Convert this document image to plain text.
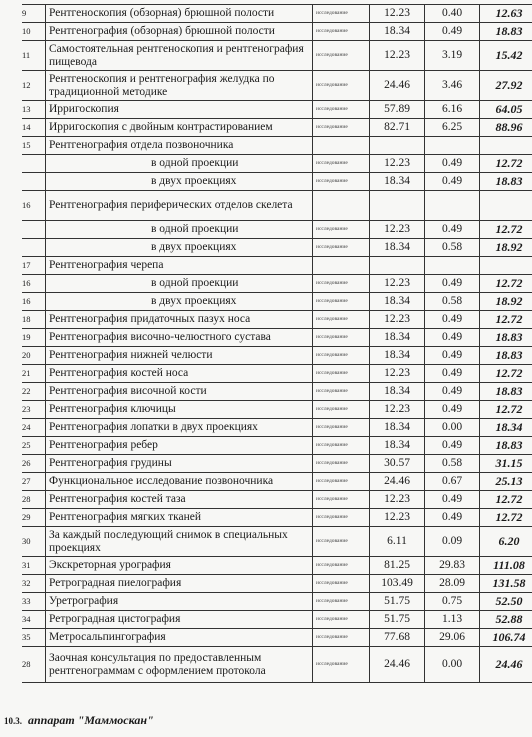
9	Рентгеноскопия (обзорная) брюшной полости	исследование	12.23	0.40	12.63
10	Рентгенография (обзорная) брюшной полости	исследование	18.34	0.49	18.83
11	Самостоятельная рентгеноскопия и рентгенография пищевода	исследование	12.23	3.19	15.42
12	Рентгеноскопия и рентгенография желудка по традиционной методике	исследование	24.46	3.46	27.92
13	Ирригоскопия	исследование	57.89	6.16	64.05
14	Ирригоскопия с двойным контрастированием	исследование	82.71	6.25	88.96
15	Рентгенография отдела позвоночника				
	в одной проекции	исследование	12.23	0.49	12.72
	в двух проекциях	исследование	18.34	0.49	18.83
16	Рентгенография периферических отделов скелета				
	в одной проекции	исследование	12.23	0.49	12.72
	в двух проекциях	исследование	18.34	0.58	18.92
17	Рентгенография черепа				
16	в одной проекции	исследование	12.23	0.49	12.72
16	в двух проекциях	исследование	18.34	0.58	18.92
18	Рентгенография придаточных пазух носа	исследование	12.23	0.49	12.72
19	Рентгенография височно-челюстного сустава	исследование	18.34	0.49	18.83
20	Рентгенография нижней челюсти	исследование	18.34	0.49	18.83
21	Рентгенография костей носа	исследование	12.23	0.49	12.72
22	Рентгенография височной кости	исследование	18.34	0.49	18.83
23	Рентгенография ключицы	исследование	12.23	0.49	12.72
24	Рентгенография лопатки в двух проекциях	исследование	18.34	0.00	18.34
25	Рентгенография ребер	исследование	18.34	0.49	18.83
26	Рентгенография грудины	исследование	30.57	0.58	31.15
27	Функциональное исследование позвоночника	исследование	24.46	0.67	25.13
28	Рентгенография костей таза	исследование	12.23	0.49	12.72
29	Рентгенография мягких тканей	исследование	12.23	0.49	12.72
30	За каждый последующий снимок в специальных проекциях	исследование	6.11	0.09	6.20
31	Экскреторная урография	исследование	81.25	29.83	111.08
32	Ретроградная пиелография	исследование	103.49	28.09	131.58
33	Уретрография	исследование	51.75	0.75	52.50
34	Ретроградная цистография	исследование	51.75	1.13	52.88
35	Метросальпингография	исследование	77.68	29.06	106.74
28	Заочная консультация по предоставленным рентгенограммам с оформлением протокола	исследование	24.46	0.00	24.46
10.3. аппарат "Маммоскан"
